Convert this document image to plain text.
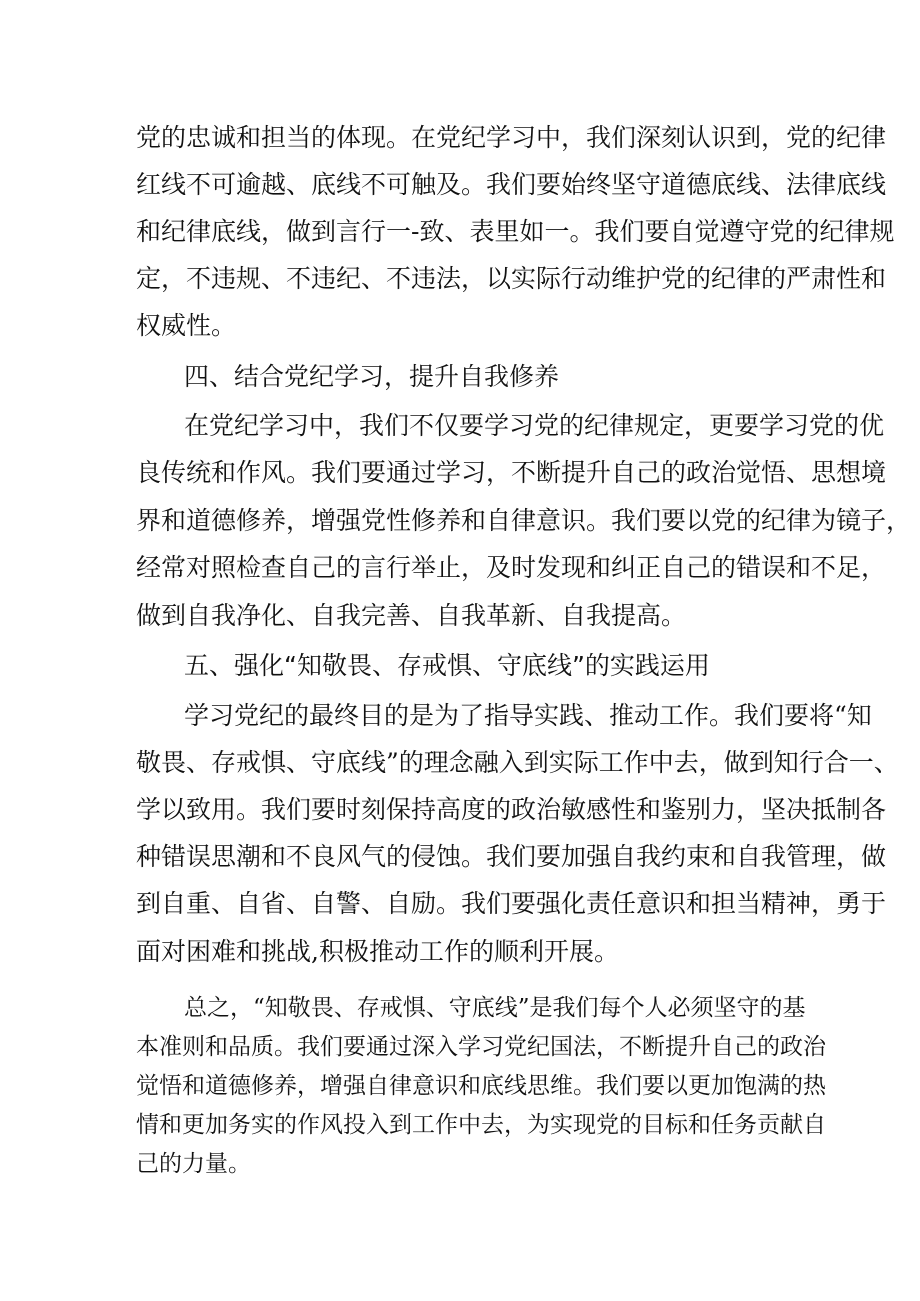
党的忠诚和担当的体现。在党纪学习中，我们深刻认识到，党的纪律
红线不可逾越、底线不可触及。我们要始终坚守道德底线、法律底线
和纪律底线，做到言行一-致、表里如一。我们要自觉遵守党的纪律规
定，不违规、不违纪、不违法，以实际行动维护党的纪律的严肃性和
权威性。
四、结合党纪学习，提升自我修养
在党纪学习中，我们不仅要学习党的纪律规定，更要学习党的优
良传统和作风。我们要通过学习，不断提升自己的政治觉悟、思想境
界和道德修养，增强党性修养和自律意识。我们要以党的纪律为镜子，
经常对照检查自己的言行举止，及时发现和纠正自己的错误和不足，
做到自我净化、自我完善、自我革新、自我提高。
五、强化“知敬畏、存戒惧、守底线”的实践运用
学习党纪的最终目的是为了指导实践、推动工作。我们要将“知
敬畏、存戒惧、守底线”的理念融入到实际工作中去，做到知行合一、
学以致用。我们要时刻保持高度的政治敏感性和鉴别力，坚决抵制各
种错误思潮和不良风气的侵蚀。我们要加强自我约束和自我管理，做
到自重、自省、自警、自励。我们要强化责任意识和担当精神，勇于
面对困难和挑战,积极推动工作的顺利开展。
总之，“知敬畏、存戒惧、守底线”是我们每个人必须坚守的基
本准则和品质。我们要通过深入学习党纪国法，不断提升自己的政治
觉悟和道德修养，增强自律意识和底线思维。我们要以更加饱满的热
情和更加务实的作风投入到工作中去，为实现党的目标和任务贡献自
己的力量。
